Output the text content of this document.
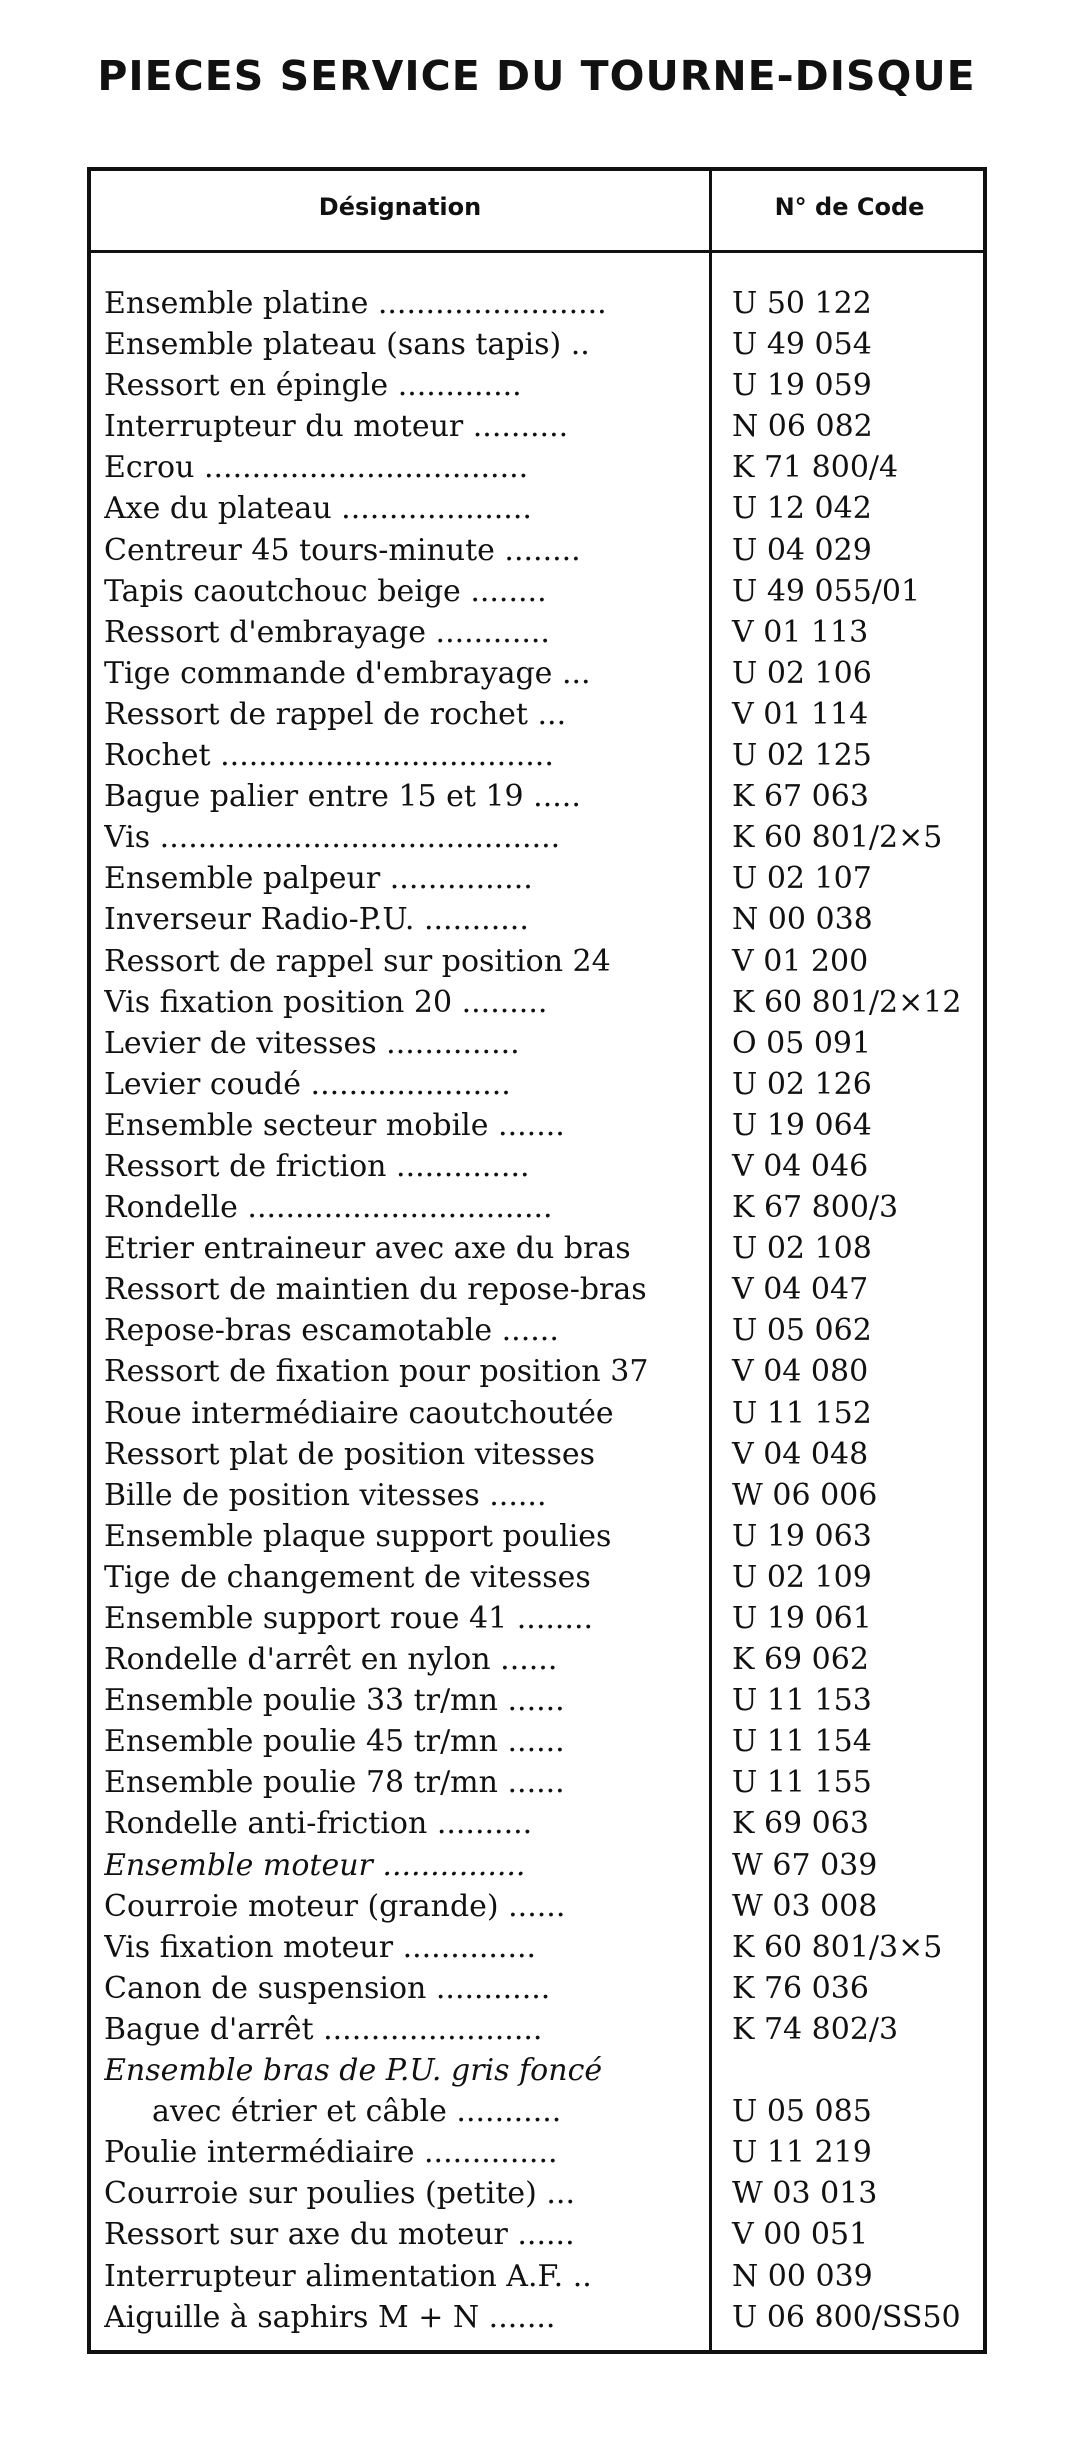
PIECES SERVICE DU TOURNE-DISQUE

Désignation	N° de Code

Ensemble platine ........................	U 50 122
Ensemble plateau (sans tapis) ..	U 49 054
Ressort en épingle .............	U 19 059
Interrupteur du moteur ..........	N 06 082
Ecrou ..................................	K 71 800/4
Axe du plateau ....................	U 12 042
Centreur 45 tours-minute ........	U 04 029
Tapis caoutchouc beige ........	U 49 055/01
Ressort d'embrayage ............	V 01 113
Tige commande d'embrayage ...	U 02 106
Ressort de rappel de rochet ...	V 01 114
Rochet ...................................	U 02 125
Bague palier entre 15 et 19 .....	K 67 063
Vis ..........................................	K 60 801/2×5
Ensemble palpeur ...............	U 02 107
Inverseur Radio-P.U. ...........	N 00 038
Ressort de rappel sur position 24	V 01 200
Vis fixation position 20 .........	K 60 801/2×12
Levier de vitesses ..............	O 05 091
Levier coudé .....................	U 02 126
Ensemble secteur mobile .......	U 19 064
Ressort de friction ..............	V 04 046
Rondelle ................................	K 67 800/3
Etrier entraineur avec axe du bras	U 02 108
Ressort de maintien du repose-bras	V 04 047
Repose-bras escamotable ......	U 05 062
Ressort de fixation pour position 37	V 04 080
Roue intermédiaire caoutchoutée	U 11 152
Ressort plat de position vitesses	V 04 048
Bille de position vitesses ......	W 06 006
Ensemble plaque support poulies	U 19 063
Tige de changement de vitesses	U 02 109
Ensemble support roue 41 ........	U 19 061
Rondelle d'arrêt en nylon ......	K 69 062
Ensemble poulie 33 tr/mn ......	U 11 153
Ensemble poulie 45 tr/mn ......	U 11 154
Ensemble poulie 78 tr/mn ......	U 11 155
Rondelle anti-friction ..........	K 69 063
Ensemble moteur ...............	W 67 039
Courroie moteur (grande) ......	W 03 008
Vis fixation moteur ..............	K 60 801/3×5
Canon de suspension ............	K 76 036
Bague d'arrêt .......................	K 74 802/3
Ensemble bras de P.U. gris foncé
avec étrier et câble ...........	U 05 085
Poulie intermédiaire ..............	U 11 219
Courroie sur poulies (petite) ...	W 03 013
Ressort sur axe du moteur ......	V 00 051
Interrupteur alimentation A.F. ..	N 00 039
Aiguille à saphirs M + N .......	U 06 800/SS50
